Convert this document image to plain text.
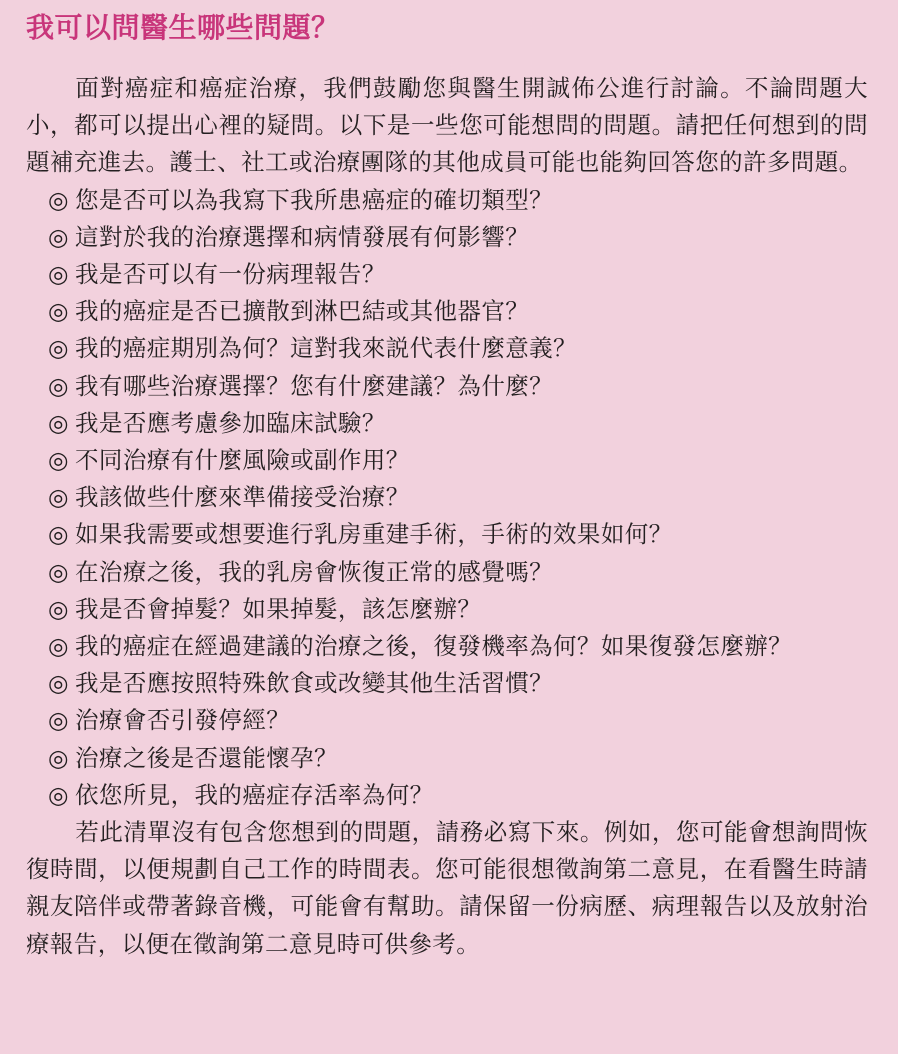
我可以問醫生哪些問題？

面對癌症和癌症治療，我們鼓勵您與醫生開誠佈公進行討論。不論問題大小，都可以提出心裡的疑問。以下是一些您可能想問的問題。請把任何想到的問題補充進去。護士、社工或治療團隊的其他成員可能也能夠回答您的許多問題。

◎ 您是否可以為我寫下我所患癌症的確切類型？
◎ 這對於我的治療選擇和病情發展有何影響？
◎ 我是否可以有一份病理報告？
◎ 我的癌症是否已擴散到淋巴結或其他器官？
◎ 我的癌症期別為何？這對我來説代表什麼意義？
◎ 我有哪些治療選擇？您有什麼建議？為什麼？
◎ 我是否應考慮參加臨床試驗？
◎ 不同治療有什麼風險或副作用？
◎ 我該做些什麼來準備接受治療？
◎ 如果我需要或想要進行乳房重建手術，手術的效果如何？
◎ 在治療之後，我的乳房會恢復正常的感覺嗎？
◎ 我是否會掉髮？如果掉髮，該怎麼辦？
◎ 我的癌症在經過建議的治療之後，復發機率為何？如果復發怎麼辦？
◎ 我是否應按照特殊飲食或改變其他生活習慣？
◎ 治療會否引發停經？
◎ 治療之後是否還能懷孕？
◎ 依您所見，我的癌症存活率為何？

若此清單沒有包含您想到的問題，請務必寫下來。例如，您可能會想詢問恢復時間，以便規劃自己工作的時間表。您可能很想徵詢第二意見，在看醫生時請親友陪伴或帶著錄音機，可能會有幫助。請保留一份病歷、病理報告以及放射治療報告，以便在徵詢第二意見時可供參考。
